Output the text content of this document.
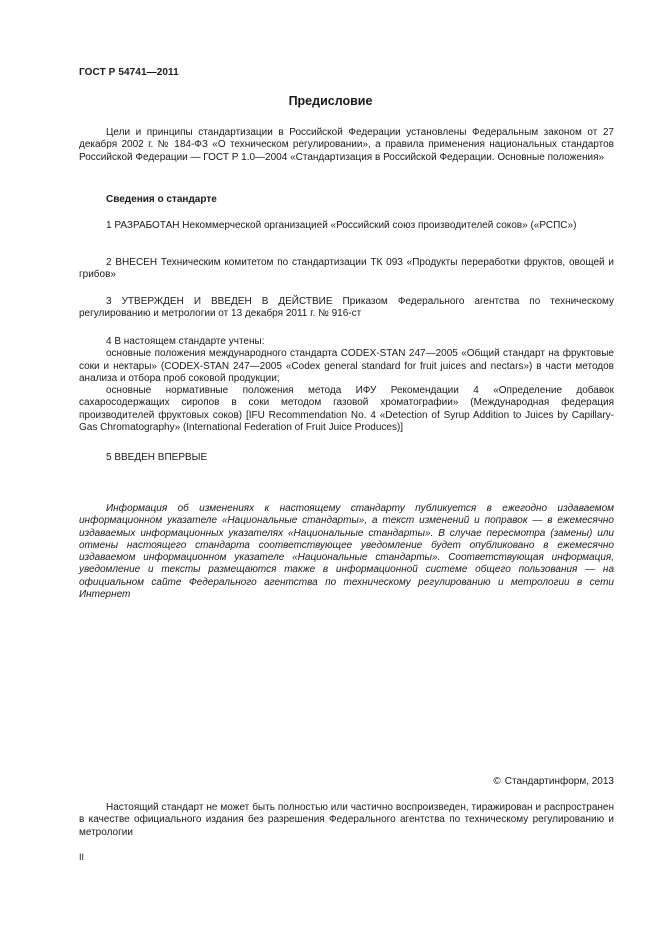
ГОСТ Р 54741—2011
Предисловие

Цели и принципы стандартизации в Российской Федерации установлены Федеральным законом от 27 декабря 2002 г. № 184-ФЗ «О техническом регулировании», а правила применения национальных стандартов Российской Федерации — ГОСТ Р 1.0—2004 «Стандартизация в Российской Федерации. Основные положения»

Сведения о стандарте

1 РАЗРАБОТАН Некоммерческой организацией «Российский союз производителей соков» («РСПС»)

2 ВНЕСЕН Техническим комитетом по стандартизации ТК 093 «Продукты переработки фруктов, овощей и грибов»

3 УТВЕРЖДЕН И ВВЕДЕН В ДЕЙСТВИЕ Приказом Федерального агентства по техническому регулированию и метрологии от 13 декабря 2011 г. № 916-ст

4 В настоящем стандарте учтены:

основные положения международного стандарта CODEX-STAN 247—2005 «Общий стандарт на фруктовые соки и нектары» (CODEX-STAN 247—2005 «Codex general standard for fruit juices and nectars») в части методов анализа и отбора проб соковой продукции;

основные нормативные положения метода ИФУ Рекомендации 4 «Определение добавок сахаросодержащих сиропов в соки методом газовой хроматографии» (Международная федерация производителей фруктовых соков) [IFU Recommendation No. 4 «Detection of Syrup Addition to Juices by Capillary-Gas Chromatography» (International Federation of Fruit Juice Produces)]

5 ВВЕДЕН ВПЕРВЫЕ

Информация об изменениях к настоящему стандарту публикуется в ежегодно издаваемом информационном указателе «Национальные стандарты», а текст изменений и поправок — в ежемесячно издаваемых информационных указателях «Национальные стандарты». В случае пересмотра (замены) или отмены настоящего стандарта соответствующее уведомление будет опубликовано в ежемесячно издаваемом информационном указателе «Национальные стандарты». Соответствующая информация, уведомление и тексты размещаются также в информационной системе общего пользования — на официальном сайте Федерального агентства по техническому регулированию и метрологии в сети Интернет

© Стандартинформ, 2013

Настоящий стандарт не может быть полностью или частично воспроизведен, тиражирован и распространен в качестве официального издания без разрешения Федерального агентства по техническому регулированию и метрологии

II
